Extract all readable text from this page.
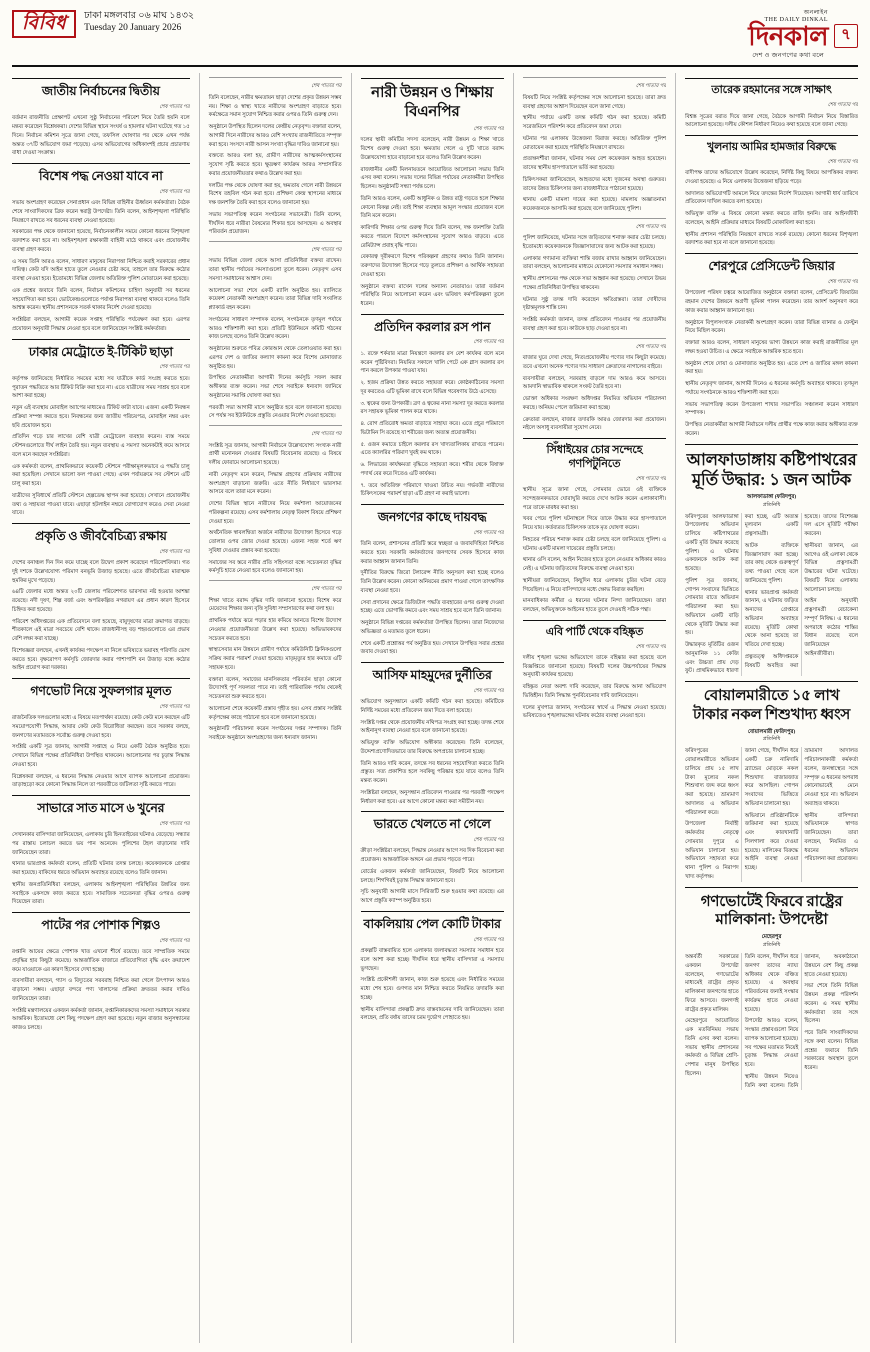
বিবিধ	ঢাকা মঙ্গলবার ০৬ মাঘ ১৪৩২
Tuesday 20 January 2026
অনলাইন
THE DAILY DINKAL
দিনকাল
দেশ ও জনগণের কথা বলে
৭
জাতীয় নির্বাচনের দ্বিতীয়
শেষ পাতার পর

বর্তমান রাজনীতি প্রেক্ষাপট এখনো সুষ্ঠু নির্বাচনের পরিবেশ নিয়ে তৈরি হয়নি বলে মন্তব্য করেছেন বিশ্লেষকরা। দেশের বিভিন্ন স্থানে সংঘর্ষ ও হামলার ঘটনা ঘটেছে গত ১৫ দিনে। নির্বাচন কমিশন সূত্রে জানা গেছে, তফসিল ঘোষণার পর থেকে এখন পর্যন্ত অন্তত ৩৭টি অভিযোগ জমা পড়েছে। এসব অভিযোগের অধিকাংশই প্রচার প্রচারণায় বাধা দেওয়া সংক্রান্ত।

বিশেষ পদ্ধ নেওয়া যাবে না
শেষ পাতার পর

সভায় অংশগ্রহণ করেছেন সেনাপ্রধান এবং বিভিন্ন বাহিনীর ঊর্ধ্বতন কর্মকর্তারা। বৈঠক শেষে সাংবাদিকদের ব্রিফ করেন স্বরাষ্ট্র উপদেষ্টা। তিনি বলেন, আইনশৃঙ্খলা পরিস্থিতি নিয়ন্ত্রণে রাখতে সব ধরনের ব্যবস্থা নেওয়া হয়েছে।

সরকারের পক্ষ থেকে জানানো হয়েছে, নির্বাচনকালীন সময়ে কোনো ধরনের বিশৃঙ্খলা বরদাশত করা হবে না। আইনশৃঙ্খলা রক্ষাকারী বাহিনী মাঠে থাকবে এবং প্রয়োজনীয় ব্যবস্থা গ্রহণ করবে।

এ সময় তিনি আরও বলেন, সাধারণ মানুষের নিরাপত্তা নিশ্চিত করাই সরকারের প্রধান দায়িত্ব। কেউ যদি আইন হাতে তুলে নেওয়ার চেষ্টা করে, তাহলে তার বিরুদ্ধে কঠোর ব্যবস্থা নেওয়া হবে। ইতোমধ্যে বিভিন্ন জেলায় অতিরিক্ত পুলিশ মোতায়েন করা হয়েছে।

এক প্রশ্নের জবাবে তিনি বলেন, নির্বাচন কমিশনের চাহিদা অনুযায়ী সব ধরনের সহযোগিতা করা হবে। ভোটকেন্দ্রগুলোতে পর্যাপ্ত নিরাপত্তা ব্যবস্থা থাকবে বলেও তিনি আশ্বস্ত করেন। স্থানীয় প্রশাসনকে সতর্ক থাকার নির্দেশ দেওয়া হয়েছে।

সংশ্লিষ্টরা বলছেন, আগামী কয়েক সপ্তাহ পরিস্থিতি পর্যবেক্ষণ করা হবে। এরপর প্রয়োজন অনুযায়ী সিদ্ধান্ত নেওয়া হবে বলে জানিয়েছেন সংশ্লিষ্ট কর্মকর্তারা।

ঢাকার মেট্রোতে ই-টিকিট ছাড়া
শেষ পাতার পর

কর্তৃপক্ষ জানিয়েছে নির্ধারিত সময়ের মধ্যে সব যাত্রীকে কার্ড সংগ্রহ করতে হবে। পুরাতন পদ্ধতিতে আর টিকিট বিক্রি করা হবে না। এতে যাত্রীদের সময় সাশ্রয় হবে বলে আশা করা হচ্ছে।

নতুন এই ব্যবস্থায় মোবাইল অ্যাপের মাধ্যমেও টিকিট কাটা যাবে। এজন্য একটি নিবন্ধন প্রক্রিয়া সম্পন্ন করতে হবে। নিবন্ধনের জন্য জাতীয় পরিচয়পত্র, মোবাইল নম্বর এবং ছবি প্রয়োজন হবে।

প্রতিদিন গড়ে চার লাখের বেশি যাত্রী মেট্রোরেল ব্যবহার করেন। ব্যস্ত সময়ে স্টেশনগুলোতে দীর্ঘ লাইন তৈরি হয়। নতুন ব্যবস্থায় এ সমস্যা অনেকটাই কমে আসবে বলে মনে করছেন সংশ্লিষ্টরা।

এক কর্মকর্তা বলেন, প্রাথমিকভাবে কয়েকটি স্টেশনে পরীক্ষামূলকভাবে এ পদ্ধতি চালু করা হয়েছিল। সেখানে ভালো ফল পাওয়া গেছে। এখন পর্যায়ক্রমে সব স্টেশনে এটি চালু করা হবে।

যাত্রীদের সুবিধার্থে প্রতিটি স্টেশনে হেল্পডেস্ক স্থাপন করা হয়েছে। সেখানে প্রয়োজনীয় তথ্য ও সহায়তা পাওয়া যাবে। এছাড়া হটলাইন নম্বরে যোগাযোগ করেও সেবা নেওয়া যাবে।

প্রকৃতি ও জীববৈচিত্র্য রক্ষায়
শেষ পাতার পর

দেশের বনাঞ্চল দিন দিন কমে যাচ্ছে বলে উদ্বেগ প্রকাশ করেছেন পরিবেশবিদরা। গত দুই দশকে উল্লেখযোগ্য পরিমাণ বনভূমি উজাড় হয়েছে। এতে জীববৈচিত্র্য মারাত্মক হুমকির মুখে পড়েছে।

৬৪টি জেলার মধ্যে অন্তত ২০টি জেলায় পরিবেশগত ভারসাম্য নষ্ট হওয়ার আশঙ্কা রয়েছে। নদী দূষণ, শিল্প বর্জ্য এবং অপরিকল্পিত নগরায়ণ এর প্রধান কারণ হিসেবে চিহ্নিত করা হয়েছে।

পরিবেশ অধিদপ্তরের এক প্রতিবেদনে বলা হয়েছে, বায়ুদূষণের মাত্রা ক্রমাগত বাড়ছে। শীতকালে এই মাত্রা সবচেয়ে বেশি থাকে। রাজধানীসহ বড় শহরগুলোতে এর প্রভাব বেশি লক্ষ্য করা যাচ্ছে।

বিশেষজ্ঞরা বলছেন, এখনই কার্যকর পদক্ষেপ না নিলে ভবিষ্যতে ভয়াবহ পরিণতি ভোগ করতে হবে। বৃক্ষরোপণ কর্মসূচি জোরদার করার পাশাপাশি বন উজাড় বন্ধে কঠোর আইন প্রয়োগ করা দরকার।

গণভোট নিয়ে সুফলগার মূলত
শেষ পাতার পর

রাজনৈতিক দলগুলোর মধ্যে এ বিষয়ে মতপার্থক্য রয়েছে। কেউ কেউ মনে করছেন এটি সময়োপযোগী সিদ্ধান্ত, আবার কেউ কেউ বিরোধিতা করছেন। তবে সরকার বলছে, জনগণের মতামতকে সর্বোচ্চ গুরুত্ব দেওয়া হবে।

সংশ্লিষ্ট একটি সূত্র জানায়, আগামী সপ্তাহে এ নিয়ে একটি বৈঠক অনুষ্ঠিত হবে। সেখানে বিভিন্ন পক্ষের প্রতিনিধিরা উপস্থিত থাকবেন। আলোচনার পর চূড়ান্ত সিদ্ধান্ত নেওয়া হবে।

বিশ্লেষকরা বলছেন, এ ধরনের সিদ্ধান্ত নেওয়ার আগে ব্যাপক আলোচনা প্রয়োজন। তাড়াহুড়ো করে কোনো সিদ্ধান্ত নিলে তা পরবর্তীতে জটিলতা সৃষ্টি করতে পারে।

সাভারে সাত মাসে ৬ খুনের
শেষ পাতার পর

সেখানকার বাসিন্দারা জানিয়েছেন, এলাকায় চুরি ছিনতাইয়ের ঘটনাও বেড়েছে। সন্ধ্যার পর রাস্তায় চলাচল করতে ভয় পান অনেকে। পুলিশের টহল বাড়ানোর দাবি জানিয়েছেন তারা।

থানার ভারপ্রাপ্ত কর্মকর্তা বলেন, প্রতিটি ঘটনার তদন্ত চলছে। কয়েকজনকে গ্রেপ্তার করা হয়েছে। বাকিদের ধরতে অভিযান অব্যাহত রয়েছে বলেও তিনি জানান।

স্থানীয় জনপ্রতিনিধিরা বলছেন, এলাকায় আইনশৃঙ্খলা পরিস্থিতির উন্নতির জন্য সবাইকে একসঙ্গে কাজ করতে হবে। সামাজিক সচেতনতা বৃদ্ধির ওপরও গুরুত্ব দিয়েছেন তারা।

পাটের পর পোশাক শিল্পও
শেষ পাতার পর

রপ্তানি আয়ের ক্ষেত্রে পোশাক খাত এখনো শীর্ষে রয়েছে। তবে সাম্প্রতিক সময়ে প্রবৃদ্ধির হার কিছুটা কমেছে। আন্তর্জাতিক বাজারে প্রতিযোগিতা বৃদ্ধি এবং ক্রয়াদেশ কমে যাওয়াকে এর কারণ হিসেবে দেখা হচ্ছে।

ব্যবসায়ীরা বলছেন, গ্যাস ও বিদ্যুতের সরবরাহ নিশ্চিত করা গেলে উৎপাদন আরও বাড়ানো সম্ভব। এছাড়া বন্দরে পণ্য খালাসের প্রক্রিয়া দ্রুততর করার দাবিও জানিয়েছেন তারা।

সংশ্লিষ্ট মন্ত্রণালয়ের একজন কর্মকর্তা জানান, রপ্তানিকারকদের সমস্যা সমাধানে সরকার আন্তরিক। ইতোমধ্যে বেশ কিছু পদক্ষেপ গ্রহণ করা হয়েছে। নতুন বাজার অনুসন্ধানের কাজও চলছে।

শেষ পাতার পর

তিনি বলেছেন, নারীর ক্ষমতায়ন ছাড়া দেশের প্রকৃত উন্নয়ন সম্ভব নয়। শিক্ষা ও স্বাস্থ্য খাতে নারীদের অংশগ্রহণ বাড়াতে হবে। কর্মক্ষেত্রে সমান সুযোগ নিশ্চিত করার ওপরও তিনি গুরুত্ব দেন।

অনুষ্ঠানে উপস্থিত ছিলেন দলের কেন্দ্রীয় নেতৃবৃন্দ। বক্তারা বলেন, আগামী দিনে নারীদের আরও বেশি সংখ্যায় রাজনীতিতে সম্পৃক্ত করা হবে। সংসদে নারী আসন সংখ্যা বৃদ্ধির দাবিও জানানো হয়।

বক্তব্যে আরও বলা হয়, গ্রামীণ নারীদের আত্মকর্মসংস্থানের সুযোগ সৃষ্টি করতে হবে। ক্ষুদ্রঋণ কার্যক্রম আরও সম্প্রসারিত করার প্রয়োজনীয়তার কথাও উল্লেখ করা হয়।

দলটির পক্ষ থেকে ঘোষণা করা হয়, ক্ষমতায় গেলে নারী উন্নয়নে বিশেষ তহবিল গঠন করা হবে। প্রশিক্ষণ কেন্দ্র স্থাপনের মাধ্যমে দক্ষ জনশক্তি তৈরি করা হবে বলেও জানানো হয়।

সভায় সভাপতিত্ব করেন সংগঠনের সভানেত্রী। তিনি বলেন, দীর্ঘদিন ধরে নারীরা বৈষম্যের শিকার হয়ে আসছেন। এ অবস্থার পরিবর্তন প্রয়োজন।

শেষ পাতার পর

সভায় বিভিন্ন জেলা থেকে আসা প্রতিনিধিরা বক্তব্য রাখেন। তারা স্থানীয় পর্যায়ের সমস্যাগুলো তুলে ধরেন। নেতৃবৃন্দ এসব সমস্যা সমাধানের আশ্বাস দেন।

আলোচনা সভা শেষে একটি র‍্যালি অনুষ্ঠিত হয়। র‍্যালিতে কয়েকশ নেতাকর্মী অংশগ্রহণ করেন। তারা বিভিন্ন দাবি সংবলিত প্ল্যাকার্ড বহন করেন।

সংগঠনের সাধারণ সম্পাদক বলেন, সংগঠনকে তৃণমূল পর্যায়ে আরও শক্তিশালী করা হবে। প্রতিটি ইউনিয়নে কমিটি গঠনের কাজ চলছে বলেও তিনি উল্লেখ করেন।

অনুষ্ঠানের শুরুতে পবিত্র কোরআন থেকে তেলাওয়াত করা হয়। এরপর দেশ ও জাতির কল্যাণ কামনা করে বিশেষ মোনাজাত অনুষ্ঠিত হয়।

উপস্থিত নেতাকর্মীরা আগামী দিনের কর্মসূচি সফল করার অঙ্গীকার ব্যক্ত করেন। সভা শেষে সবাইকে ধন্যবাদ জানিয়ে অনুষ্ঠানের সমাপ্তি ঘোষণা করা হয়।

পরবর্তী সভা আগামী মাসে অনুষ্ঠিত হবে বলে জানানো হয়েছে। সে পর্যন্ত সব ইউনিটকে প্রস্তুতি নেওয়ার নির্দেশ দেওয়া হয়েছে।

শেষ পাতার পর

সংশ্লিষ্ট সূত্র জানায়, আগামী নির্বাচনে উল্লেখযোগ্য সংখ্যক নারী প্রার্থী মনোনয়ন দেওয়ার বিষয়টি বিবেচনায় রয়েছে। এ বিষয়ে দলীয় ফোরামে আলোচনা হয়েছে।

নারী নেতৃবৃন্দ মনে করেন, সিদ্ধান্ত গ্রহণের প্রক্রিয়ায় নারীদের অংশগ্রহণ বাড়ানো জরুরি। এতে নীতি নির্ধারণে ভারসাম্য আসবে বলে তারা মনে করেন।

দেশের বিভিন্ন স্থানে নারীদের নিয়ে কর্মশালা আয়োজনের পরিকল্পনা রয়েছে। এসব কর্মশালায় নেতৃত্ব বিকাশ বিষয়ে প্রশিক্ষণ দেওয়া হবে।

অর্থনৈতিক স্বাবলম্বিতা অর্জনে নারীদের উদ্যোক্তা হিসেবে গড়ে তোলার ওপর জোর দেওয়া হয়েছে। এজন্য সহজ শর্তে ঋণ সুবিধা দেওয়ার প্রস্তাব করা হয়েছে।

সমাজের সব স্তরে নারীর প্রতি সহিংসতা বন্ধে সচেতনতা বৃদ্ধির কর্মসূচি হাতে নেওয়া হবে বলেও জানানো হয়।

শেষ পাতার পর

শিক্ষা খাতে বরাদ্দ বৃদ্ধির দাবি জানানো হয়েছে। বিশেষ করে মেয়েদের শিক্ষার জন্য বৃত্তি সুবিধা সম্প্রসারণের কথা বলা হয়।

প্রাথমিক পর্যায়ে ঝরে পড়ার হার কমিয়ে আনতে বিশেষ উদ্যোগ নেওয়ার প্রয়োজনীয়তা উল্লেখ করা হয়েছে। অভিভাবকদের সচেতন করতে হবে।

স্বাস্থ্যসেবার মান উন্নয়নে গ্রামীণ পর্যায়ে কমিউনিটি ক্লিনিকগুলো সক্রিয় করার পরামর্শ দেওয়া হয়েছে। মাতৃমৃত্যুর হার কমাতে এটি সহায়ক হবে।

বক্তারা বলেন, সমাজের মানসিকতার পরিবর্তন ছাড়া কোনো উদ্যোগই পূর্ণ সফলতা পাবে না। তাই পারিবারিক পর্যায় থেকেই সচেতনতা শুরু করতে হবে।

আলোচনা শেষে কয়েকটি প্রস্তাব গৃহীত হয়। এসব প্রস্তাব সংশ্লিষ্ট কর্তৃপক্ষের কাছে পাঠানো হবে বলে জানানো হয়েছে।

অনুষ্ঠানটি পরিচালনা করেন সংগঠনের দপ্তর সম্পাদক। তিনি সবাইকে অনুষ্ঠানে অংশগ্রহণের জন্য ধন্যবাদ জানান।

নারী উন্নয়ন ও শিক্ষায় বিএনপির
শেষ পাতার পর

দলের স্থায়ী কমিটির সদস্য বলেছেন, নারী উন্নয়ন ও শিক্ষা খাতে বিশেষ গুরুত্ব দেওয়া হবে। ক্ষমতায় গেলে এ দুটি খাতে বরাদ্দ উল্লেখযোগ্য হারে বাড়ানো হবে বলেও তিনি উল্লেখ করেন।

রাজধানীর একটি মিলনায়তনে আয়োজিত আলোচনা সভায় তিনি এসব কথা বলেন। সভায় দলের বিভিন্ন পর্যায়ের নেতাকর্মীরা উপস্থিত ছিলেন। অনুষ্ঠানটি সন্ধ্যা পর্যন্ত চলে।

তিনি আরও বলেন, একটি আধুনিক ও উন্নত রাষ্ট্র গড়তে হলে শিক্ষার কোনো বিকল্প নেই। তাই শিক্ষা ব্যবস্থার আমূল সংস্কার প্রয়োজন বলে তিনি মনে করেন।

কারিগরি শিক্ষার ওপর গুরুত্ব দিয়ে তিনি বলেন, দক্ষ জনশক্তি তৈরি করতে পারলে বিদেশে কর্মসংস্থানের সুযোগ আরও বাড়বে। এতে রেমিট্যান্স প্রবাহ বৃদ্ধি পাবে।

বেকারত্ব দূরীকরণে বিশেষ পরিকল্পনা গ্রহণের কথাও তিনি জানান। তরুণদের উদ্যোক্তা হিসেবে গড়ে তুলতে প্রশিক্ষণ ও আর্থিক সহায়তা দেওয়া হবে।

অনুষ্ঠানে বক্তব্য রাখেন দলের অন্যান্য নেতারাও। তারা বর্তমান পরিস্থিতি নিয়ে আলোচনা করেন এবং ভবিষ্যৎ কর্মপরিকল্পনা তুলে ধরেন।

প্রতিদিন করলার রস পান
শেষ পাতার পর

১. রক্তে শর্করার মাত্রা নিয়ন্ত্রণে করলার রস বেশ কার্যকর বলে মনে করেন পুষ্টিবিদরা। নিয়মিত সকালে খালি পেটে এক গ্লাস করলার রস পান করলে উপকার পাওয়া যায়।

২. হজম প্রক্রিয়া উন্নত করতে সহায়তা করে। কোষ্ঠকাঠিন্যের সমস্যা দূর করতেও এটি ভূমিকা রাখে বলে বিভিন্ন গবেষণায় উঠে এসেছে।

৩. ত্বকের জন্য উপকারী। ব্রণ ও ত্বকের নানা সমস্যা দূর করতে করলার রস সহায়ক ভূমিকা পালন করে থাকে।

৪. রোগ প্রতিরোধ ক্ষমতা বাড়াতে সাহায্য করে। এতে প্রচুর পরিমাণে ভিটামিন সি রয়েছে যা শরীরের জন্য অত্যন্ত প্রয়োজনীয়।

৫. ওজন কমাতে চাইলে করলার রস খাদ্যতালিকায় রাখতে পারেন। এতে ক্যালরির পরিমাণ খুবই কম থাকে।

৬. লিভারের কার্যক্ষমতা বৃদ্ধিতে সহায়তা করে। শরীর থেকে বিষাক্ত পদার্থ বের করে দিতেও এটি কার্যকর।

৭. তবে অতিরিক্ত পরিমাণে খাওয়া উচিত নয়। গর্ভবতী নারীদের চিকিৎসকের পরামর্শ ছাড়া এটি গ্রহণ না করাই ভালো।

জনগণের কাছে দায়বদ্ধ
শেষ পাতার পর

তিনি বলেন, প্রশাসনের প্রতিটি স্তরে স্বচ্ছতা ও জবাবদিহিতা নিশ্চিত করতে হবে। সরকারি কর্মকর্তাদের জনগণের সেবক হিসেবে কাজ করার আহ্বান জানান তিনি।

দুর্নীতির বিরুদ্ধে জিরো টলারেন্স নীতি অনুসরণ করা হচ্ছে বলেও তিনি উল্লেখ করেন। কোনো অনিয়মের প্রমাণ পাওয়া গেলে তাৎক্ষণিক ব্যবস্থা নেওয়া হবে।

সেবা প্রদানের ক্ষেত্রে ডিজিটাল পদ্ধতি ব্যবহারের ওপর গুরুত্ব দেওয়া হচ্ছে। এতে ভোগান্তি কমবে এবং সময় সাশ্রয় হবে বলে তিনি জানান।

অনুষ্ঠানে বিভিন্ন দপ্তরের কর্মকর্তারা উপস্থিত ছিলেন। তারা নিজেদের অভিজ্ঞতা ও মতামত তুলে ধরেন।

শেষে একটি প্রশ্নোত্তর পর্ব অনুষ্ঠিত হয়। সেখানে উপস্থিত সবার প্রশ্নের জবাব দেওয়া হয়।

আসিফ মাহমুদের দুর্নীতির
শেষ পাতার পর

অভিযোগ অনুসন্ধানে একটি কমিটি গঠন করা হয়েছে। কমিটিকে নির্দিষ্ট সময়ের মধ্যে প্রতিবেদন জমা দিতে বলা হয়েছে।

সংশ্লিষ্ট দপ্তর থেকে প্রয়োজনীয় নথিপত্র সংগ্রহ করা হচ্ছে। তদন্ত শেষে আইনানুগ ব্যবস্থা নেওয়া হবে বলে জানানো হয়েছে।

অভিযুক্ত ব্যক্তি অভিযোগ অস্বীকার করেছেন। তিনি বলেছেন, উদ্দেশ্যপ্রণোদিতভাবে তার বিরুদ্ধে অপপ্রচার চালানো হচ্ছে।

তিনি আরও দাবি করেন, তদন্তে সব ধরনের সহযোগিতা করতে তিনি প্রস্তুত। সত্য প্রকাশিত হলে সবকিছু পরিষ্কার হয়ে যাবে বলেও তিনি মন্তব্য করেন।

সংশ্লিষ্টরা বলছেন, অনুসন্ধান প্রতিবেদন পাওয়ার পর পরবর্তী পদক্ষেপ নির্ধারণ করা হবে। এর আগে কোনো মন্তব্য করা সমীচীন নয়।

ভারতে খেলতে না গেলে
শেষ পাতার পর

ক্রীড়া সংশ্লিষ্টরা বলছেন, সিদ্ধান্ত নেওয়ার আগে সব দিক বিবেচনা করা প্রয়োজন। আন্তর্জাতিক অঙ্গনে এর প্রভাব পড়তে পারে।

বোর্ডের একজন কর্মকর্তা জানিয়েছেন, বিষয়টি নিয়ে আলোচনা চলছে। শিগগিরই চূড়ান্ত সিদ্ধান্ত জানানো হবে।

সূচি অনুযায়ী আগামী মাসে সিরিজটি শুরু হওয়ার কথা রয়েছে। এর আগে প্রস্তুতি ক্যাম্প অনুষ্ঠিত হবে।

বাকলিয়ায় পেল কোটি টাকার
শেষ পাতার পর

প্রকল্পটি বাস্তবায়িত হলে এলাকার জলাবদ্ধতা সমস্যার সমাধান হবে বলে আশা করা হচ্ছে। দীর্ঘদিন ধরে স্থানীয় বাসিন্দারা এ সমস্যায় ভুগছেন।

সংশ্লিষ্ট প্রকৌশলী জানান, কাজ শুরু হয়েছে এবং নির্ধারিত সময়ের মধ্যে শেষ হবে। গুণগত মান নিশ্চিত করতে নিয়মিত তদারকি করা হচ্ছে।

স্থানীয় বাসিন্দারা প্রকল্পটি দ্রুত বাস্তবায়নের দাবি জানিয়েছেন। তারা বলছেন, প্রতি বর্ষায় তাদের চরম দুর্ভোগ পোহাতে হয়।

শেষ পাতার পর

বিষয়টি নিয়ে সংশ্লিষ্ট কর্তৃপক্ষের সঙ্গে আলোচনা হয়েছে। তারা দ্রুত ব্যবস্থা গ্রহণের আশ্বাস দিয়েছেন বলে জানা গেছে।

স্থানীয় পর্যায়ে একটি তদন্ত কমিটি গঠন করা হয়েছে। কমিটি সরেজমিনে পরিদর্শন করে প্রতিবেদন জমা দেবে।

ঘটনার পর এলাকায় উত্তেজনা বিরাজ করছে। অতিরিক্ত পুলিশ মোতায়েন করা হয়েছে পরিস্থিতি নিয়ন্ত্রণে রাখতে।

প্রত্যক্ষদর্শীরা জানান, ঘটনার সময় বেশ কয়েকজন আহত হয়েছেন। তাদের স্থানীয় হাসপাতালে ভর্তি করা হয়েছে।

চিকিৎসকরা জানিয়েছেন, আহতদের মধ্যে দুজনের অবস্থা গুরুতর। তাদের উন্নত চিকিৎসার জন্য রাজধানীতে পাঠানো হয়েছে।

থানায় একটি মামলা দায়ের করা হয়েছে। মামলায় অজ্ঞাতনামা কয়েকজনকে আসামি করা হয়েছে বলে জানিয়েছে পুলিশ।

শেষ পাতার পর

পুলিশ জানিয়েছে, ঘটনার সঙ্গে জড়িতদের শনাক্ত করার চেষ্টা চলছে। ইতোমধ্যে কয়েকজনকে জিজ্ঞাসাবাদের জন্য আটক করা হয়েছে।

এলাকার গণ্যমান্য ব্যক্তিরা শান্তি বজায় রাখার আহ্বান জানিয়েছেন। তারা বলছেন, আলোচনার মাধ্যমে যেকোনো সমস্যার সমাধান সম্ভব।

স্থানীয় প্রশাসনের পক্ষ থেকে সভা আহ্বান করা হয়েছে। সেখানে উভয় পক্ষের প্রতিনিধিরা উপস্থিত থাকবেন।

ঘটনার সুষ্ঠু তদন্ত দাবি করেছেন ক্ষতিগ্রস্তরা। তারা দোষীদের দৃষ্টান্তমূলক শাস্তি চান।

সংশ্লিষ্ট কর্মকর্তা জানান, তদন্ত প্রতিবেদন পাওয়ার পর প্রয়োজনীয় ব্যবস্থা গ্রহণ করা হবে। কাউকে ছাড় দেওয়া হবে না।

শেষ পাতার পর

বাজার ঘুরে দেখা গেছে, নিত্যপ্রয়োজনীয় পণ্যের দাম কিছুটা কমেছে। তবে এখনো অনেক পণ্যের দাম সাধারণ ক্রেতাদের নাগালের বাইরে।

ব্যবসায়ীরা বলছেন, সরবরাহ বাড়লে দাম আরও কমে আসবে। আমদানি স্বাভাবিক থাকলে সংকট তৈরি হবে না।

ভোক্তা অধিকার সংরক্ষণ অধিদপ্তর নিয়মিত অভিযান পরিচালনা করছে। অনিয়ম পেলে জরিমানা করা হচ্ছে।

ক্রেতারা বলছেন, বাজার তদারকি আরও জোরদার করা প্রয়োজন। নইলে অসাধু ব্যবসায়ীরা সুযোগ নেবে।

সিঁধাইয়ের চোর সন্দেহে গণপিটুনিতে
শেষ পাতার পর

স্থানীয় সূত্রে জানা গেছে, সোমবার ভোরে ওই ব্যক্তিকে সন্দেহজনকভাবে ঘোরাঘুরি করতে দেখে আটক করেন এলাকাবাসী। পরে তাকে মারধর করা হয়।

খবর পেয়ে পুলিশ ঘটনাস্থলে গিয়ে তাকে উদ্ধার করে হাসপাতালে নিয়ে যায়। কর্তব্যরত চিকিৎসক তাকে মৃত ঘোষণা করেন।

নিহতের পরিচয় শনাক্ত করার চেষ্টা চলছে বলে জানিয়েছে পুলিশ। এ ঘটনায় একটি মামলা দায়েরের প্রস্তুতি চলছে।

থানার ওসি বলেন, আইন নিজের হাতে তুলে নেওয়ার অধিকার কারও নেই। এ ঘটনায় জড়িতদের বিরুদ্ধে ব্যবস্থা নেওয়া হবে।

স্থানীয়রা জানিয়েছেন, কিছুদিন ধরে এলাকায় চুরির ঘটনা বেড়ে গিয়েছিল। এ নিয়ে বাসিন্দাদের মধ্যে ক্ষোভ বিরাজ করছিল।

মানবাধিকার কর্মীরা এ ধরনের ঘটনার নিন্দা জানিয়েছেন। তারা বলছেন, অভিযুক্তকে আইনের হাতে তুলে দেওয়াই সঠিক পন্থা।

এবি পার্টি থেকে বহিষ্কৃত
শেষ পাতার পর

দলীয় শৃঙ্খলা ভঙ্গের অভিযোগে তাকে বহিষ্কার করা হয়েছে বলে বিজ্ঞপ্তিতে জানানো হয়েছে। বিষয়টি দলের উচ্চপর্যায়ের সিদ্ধান্ত অনুযায়ী কার্যকর হয়েছে।

বহিষ্কৃত নেতা অবশ্য দাবি করেছেন, তার বিরুদ্ধে আনা অভিযোগ ভিত্তিহীন। তিনি সিদ্ধান্ত পুনর্বিবেচনার দাবি জানিয়েছেন।

দলের মুখপাত্র জানান, সংগঠনের স্বার্থে এ সিদ্ধান্ত নেওয়া হয়েছে। ভবিষ্যতেও শৃঙ্খলাভঙ্গের ঘটনায় কঠোর ব্যবস্থা নেওয়া হবে।

তারেক রহমানের সঙ্গে সাক্ষাৎ
শেষ পাতার পর

বিশ্বস্ত সূত্রের বরাত দিয়ে জানা গেছে, বৈঠকে আগামী নির্বাচন নিয়ে বিস্তারিত আলোচনা হয়েছে। দলীয় কৌশল নির্ধারণ নিয়েও কথা হয়েছে বলে জানা গেছে।

খুলনায় আমির হামজার বিরুদ্ধে
শেষ পাতার পর

বাদীপক্ষ তাদের অভিযোগে উল্লেখ করেছেন, নির্দিষ্ট কিছু বিষয়ে আপত্তিকর বক্তব্য দেওয়া হয়েছে। এ নিয়ে এলাকায় উত্তেজনা ছড়িয়ে পড়ে।

আদালত অভিযোগটি আমলে নিয়ে তদন্তের নির্দেশ দিয়েছেন। আগামী ধার্য তারিখে প্রতিবেদন দাখিল করতে বলা হয়েছে।

অভিযুক্ত ব্যক্তি এ বিষয়ে কোনো মন্তব্য করতে রাজি হননি। তার আইনজীবী বলেছেন, আইনি প্রক্রিয়ার মাধ্যমে বিষয়টি মোকাবিলা করা হবে।

স্থানীয় প্রশাসন পরিস্থিতি নিয়ন্ত্রণে রাখতে সতর্ক রয়েছে। কোনো ধরনের বিশৃঙ্খলা বরদাশত করা হবে না বলে জানানো হয়েছে।

শেরপুরে প্রেসিডেন্ট জিয়ার
শেষ পাতার পর

উপজেলা পরিষদ চত্বরে আয়োজিত অনুষ্ঠানে বক্তারা বলেন, প্রেসিডেন্ট জিয়াউর রহমান দেশের উন্নয়নে অগ্রণী ভূমিকা পালন করেছেন। তার আদর্শ অনুসরণ করে কাজ করার আহ্বান জানানো হয়।

অনুষ্ঠানে বিপুলসংখ্যক নেতাকর্মী অংশগ্রহণ করেন। তারা বিভিন্ন ব্যানার ও ফেস্টুন নিয়ে মিছিল করেন।

বক্তারা আরও বলেন, সাধারণ মানুষের ভাগ্য উন্নয়নে কাজ করাই রাজনীতির মূল লক্ষ্য হওয়া উচিত। এ ক্ষেত্রে সবাইকে আন্তরিক হতে হবে।

অনুষ্ঠান শেষে দোয়া ও মোনাজাত অনুষ্ঠিত হয়। এতে দেশ ও জাতির মঙ্গল কামনা করা হয়।

স্থানীয় নেতৃবৃন্দ জানান, আগামী দিনেও এ ধরনের কর্মসূচি অব্যাহত থাকবে। তৃণমূল পর্যায়ে সংগঠনকে আরও শক্তিশালী করা হবে।

সভায় সভাপতিত্ব করেন উপজেলা শাখার সভাপতি। সঞ্চালনা করেন সাধারণ সম্পাদক।

উপস্থিত নেতাকর্মীরা আগামী নির্বাচনে দলীয় প্রার্থীর পক্ষে কাজ করার অঙ্গীকার ব্যক্ত করেন।

আলফাডাঙ্গায় কষ্টিপাথরের মূর্তি উদ্ধার: ১ জন আটক
আলফাডাঙ্গা (ফরিদপুর)
প্রতিনিধি

ফরিদপুরের আলফাডাঙ্গা উপজেলায় অভিযান চালিয়ে কষ্টিপাথরের একটি মূর্তি উদ্ধার করেছে পুলিশ। এ ঘটনায় একজনকে আটক করা হয়েছে।

পুলিশ সূত্র জানায়, গোপন সংবাদের ভিত্তিতে সোমবার রাতে অভিযান পরিচালনা করা হয়। অভিযানে একটি বাড়ি থেকে মূর্তিটি উদ্ধার করা হয়।

উদ্ধারকৃত মূর্তিটির ওজন আনুমানিক ১১ কেজি এবং উচ্চতা প্রায় দেড় ফুট। প্রাথমিকভাবে ধারণা করা হচ্ছে, এটি অত্যন্ত মূল্যবান একটি প্রত্নসামগ্রী।

আটক ব্যক্তিকে জিজ্ঞাসাবাদ করা হচ্ছে। তার কাছ থেকে গুরুত্বপূর্ণ তথ্য পাওয়া গেছে বলে জানিয়েছে পুলিশ।

থানার ভারপ্রাপ্ত কর্মকর্তা জানান, এ ঘটনায় জড়িত অন্যদের গ্রেপ্তারে অভিযান অব্যাহত রয়েছে। মূর্তিটি কোথা থেকে আনা হয়েছে তা খতিয়ে দেখা হচ্ছে।

প্রত্নতত্ত্ব অধিদপ্তরকে বিষয়টি অবহিত করা হয়েছে। তাদের বিশেষজ্ঞ দল এসে মূর্তিটি পরীক্ষা করবেন।

স্থানীয়রা জানান, এর আগেও ওই এলাকা থেকে বিভিন্ন প্রত্নসামগ্রী উদ্ধারের ঘটনা ঘটেছে। বিষয়টি নিয়ে এলাকায় আলোচনা চলছে।

আইন অনুযায়ী প্রত্নসামগ্রী বেচাকেনা সম্পূর্ণ নিষিদ্ধ। এ ধরনের অপরাধে কঠোর শাস্তির বিধান রয়েছে বলে জানিয়েছেন আইনজীবীরা।

বোয়ালমারীতে ১৫ লাখ টাকার নকল শিশুখাদ্য ধ্বংস
বোয়ালমারী (ফরিদপুর)
প্রতিনিধি

ফরিদপুরের বোয়ালমারীতে অভিযান চালিয়ে প্রায় ১৫ লাখ টাকা মূল্যের নকল শিশুখাদ্য জব্দ করে ধ্বংস করা হয়েছে। ভ্রাম্যমাণ আদালত এ অভিযান পরিচালনা করে।

উপজেলা নির্বাহী কর্মকর্তার নেতৃত্বে সোমবার দুপুরে এ অভিযান চালানো হয়। অভিযানে সহায়তা করে থানা পুলিশ ও নিরাপদ খাদ্য কর্তৃপক্ষ।

জানা গেছে, দীর্ঘদিন ধরে একটি চক্র নামিদামি ব্র্যান্ডের মোড়কে নকল শিশুখাদ্য বাজারজাত করে আসছিল। গোপন সংবাদের ভিত্তিতে অভিযান চালানো হয়।

অভিযানে প্রতিষ্ঠানটিকে জরিমানা করা হয়েছে এবং কারখানাটি সিলগালা করে দেওয়া হয়েছে। মালিকের বিরুদ্ধে আইনি ব্যবস্থা নেওয়া হচ্ছে।

ভ্রাম্যমাণ আদালত পরিচালনাকারী কর্মকর্তা বলেন, জনস্বাস্থ্যের সঙ্গে সম্পৃক্ত এ ধরনের অপরাধ কোনোভাবেই মেনে নেওয়া হবে না। অভিযান অব্যাহত থাকবে।

স্থানীয় বাসিন্দারা অভিযানকে স্বাগত জানিয়েছেন। তারা বলছেন, নিয়মিত এ ধরনের অভিযান পরিচালনা করা প্রয়োজন।

গণভোটেই ফিরবে রাষ্ট্রের মালিকানা: উপদেষ্টা
মেহেরপুর
প্রতিনিধি

অন্তর্বর্তী সরকারের একজন উপদেষ্টা বলেছেন, গণভোটের মাধ্যমেই রাষ্ট্রের প্রকৃত মালিকানা জনগণের হাতে ফিরে আসবে। জনগণই রাষ্ট্রের প্রকৃত মালিক।

মেহেরপুরে আয়োজিত এক মতবিনিময় সভায় তিনি এসব কথা বলেন। সভায় স্থানীয় প্রশাসনের কর্মকর্তা ও বিভিন্ন শ্রেণি-পেশার মানুষ উপস্থিত ছিলেন।

তিনি বলেন, দীর্ঘদিন ধরে জনগণ তাদের ন্যায্য অধিকার থেকে বঞ্চিত হয়েছে। এ অবস্থার পরিবর্তনের জন্যই সংস্কার কার্যক্রম হাতে নেওয়া হয়েছে।

উপদেষ্টা আরও বলেন, সংস্কার প্রস্তাবগুলো নিয়ে ব্যাপক আলোচনা হয়েছে। সব পক্ষের মতামত নিয়েই চূড়ান্ত সিদ্ধান্ত নেওয়া হবে।

স্থানীয় উন্নয়ন নিয়েও তিনি কথা বলেন। তিনি জানান, অবকাঠামো উন্নয়নে বেশ কিছু প্রকল্প হাতে নেওয়া হয়েছে।

সভা শেষে তিনি বিভিন্ন উন্নয়ন প্রকল্প পরিদর্শন করেন। এ সময় স্থানীয় কর্মকর্তারা তার সঙ্গে ছিলেন।

পরে তিনি সাংবাদিকদের সঙ্গে কথা বলেন। বিভিন্ন প্রশ্নের জবাবে তিনি সরকারের অবস্থান তুলে ধরেন।
